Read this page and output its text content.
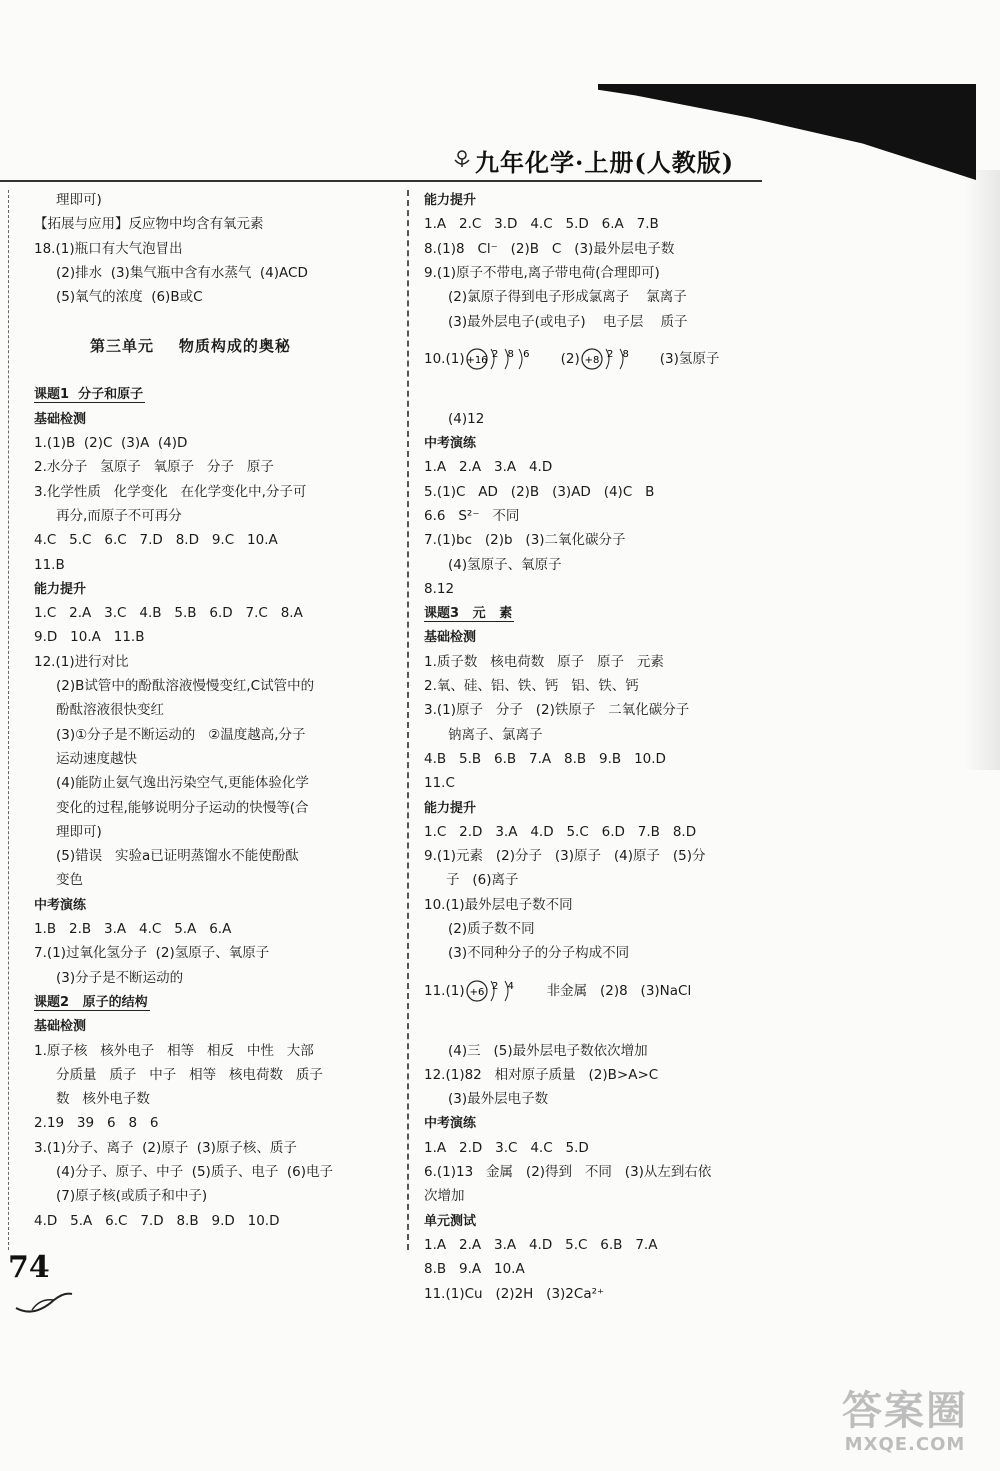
九年化学·上册(人教版)
理即可)
【拓展与应用】反应物中均含有氧元素
18.(1)瓶口有大气泡冒出
(2)排水  (3)集气瓶中含有水蒸气  (4)ACD
(5)氧气的浓度  (6)B或C
第三单元    物质构成的奥秘
课题1  分子和原子
基础检测
1.(1)B  (2)C  (3)A  (4)D
2.水分子   氢原子   氧原子   分子   原子
3.化学性质   化学变化   在化学变化中,分子可
再分,而原子不可再分
4.C   5.C   6.C   7.D   8.D   9.C   10.A
11.B
能力提升
1.C   2.A   3.C   4.B   5.B   6.D   7.C   8.A
9.D   10.A   11.B
12.(1)进行对比
(2)B试管中的酚酞溶液慢慢变红,C试管中的
酚酞溶液很快变红
(3)①分子是不断运动的   ②温度越高,分子
运动速度越快
(4)能防止氨气逸出污染空气,更能体验化学
变化的过程,能够说明分子运动的快慢等(合
理即可)
(5)错误   实验a已证明蒸馏水不能使酚酞
变色
中考演练
1.B   2.B   3.A   4.C   5.A   6.A
7.(1)过氧化氢分子  (2)氢原子、氧原子
(3)分子是不断运动的
课题2   原子的结构
基础检测
1.原子核   核外电子   相等   相反   中性   大部
分质量   质子   中子   相等   核电荷数   质子
数   核外电子数
2.19   39   6   8   6
3.(1)分子、离子  (2)原子  (3)原子核、质子
(4)分子、原子、中子  (5)质子、电子  (6)电子
(7)原子核(或质子和中子)
4.D   5.A   6.C   7.D   8.B   9.D   10.D
能力提升
1.A   2.C   3.D   4.C   5.D   6.A   7.B
8.(1)8   Cl⁻   (2)B   C   (3)最外层电子数
9.(1)原子不带电,离子带电荷(合理即可)
(2)氯原子得到电子形成氯离子    氯离子
(3)最外层电子(或电子)    电子层    质子
10.(1) +16
2 8 6 (2) +8
2 8 (3)氢原子
(4)12
中考演练
1.A   2.A   3.A   4.D
5.(1)C   AD   (2)B   (3)AD   (4)C   B
6.6   S²⁻   不同
7.(1)bc   (2)b   (3)二氧化碳分子
(4)氢原子、氧原子
8.12
课题3   元   素
基础检测
1.质子数   核电荷数   原子   原子   元素
2.氧、硅、铝、铁、钙   铝、铁、钙
3.(1)原子   分子   (2)铁原子   二氧化碳分子
钠离子、氯离子
4.B   5.B   6.B   7.A   8.B   9.B   10.D
11.C
能力提升
1.C   2.D   3.A   4.D   5.C   6.D   7.B   8.D
9.(1)元素   (2)分子   (3)原子   (4)原子   (5)分
子   (6)离子
10.(1)最外层电子数不同
(2)质子数不同
(3)不同种分子的分子构成不同
11.(1) +6
2 4 非金属   (2)8   (3)NaCl
(4)三   (5)最外层电子数依次增加
12.(1)82   相对原子质量   (2)B>A>C
(3)最外层电子数
中考演练
1.A   2.D   3.C   4.C   5.D
6.(1)13   金属   (2)得到   不同   (3)从左到右依
次增加
单元测试
1.A   2.A   3.A   4.D   5.C   6.B   7.A
8.B   9.A   10.A
11.(1)Cu   (2)2H   (3)2Ca²⁺
74
答案圈
MXQE.COM
